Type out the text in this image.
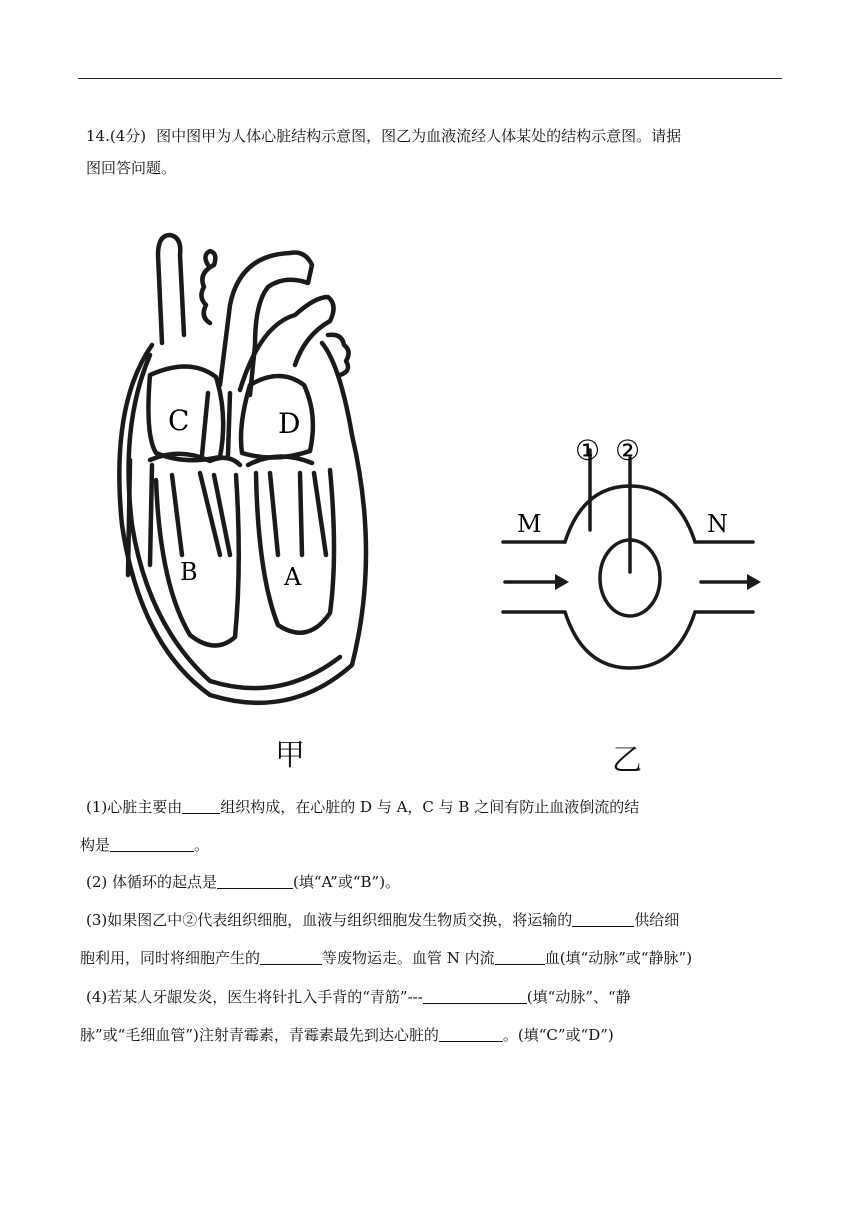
14.(4分) 图中图甲为人体心脏结构示意图，图乙为血液流经人体某处的结构示意图。请据
图回答问题。
C	D
B	A
甲
① ②
M	N
乙
(1)心脏主要由	组织构成，在心脏的 D 与 A，C 与 B 之间有防止血液倒流的结
构是	。
(2) 体循环的起点是	(填“A”或“B”)。
(3)如果图乙中②代表组织细胞，血液与组织细胞发生物质交换，将运输的	供给细
胞利用，同时将细胞产生的	等废物运走。血管 N 内流	血(填“动脉”或“静脉”)
(4)若某人牙龈发炎，医生将针扎入手背的“青筋”---	(填“动脉”、“静
脉”或“毛细血管”)注射青霉素，青霉素最先到达心脏的	。(填“C”或“D”)
